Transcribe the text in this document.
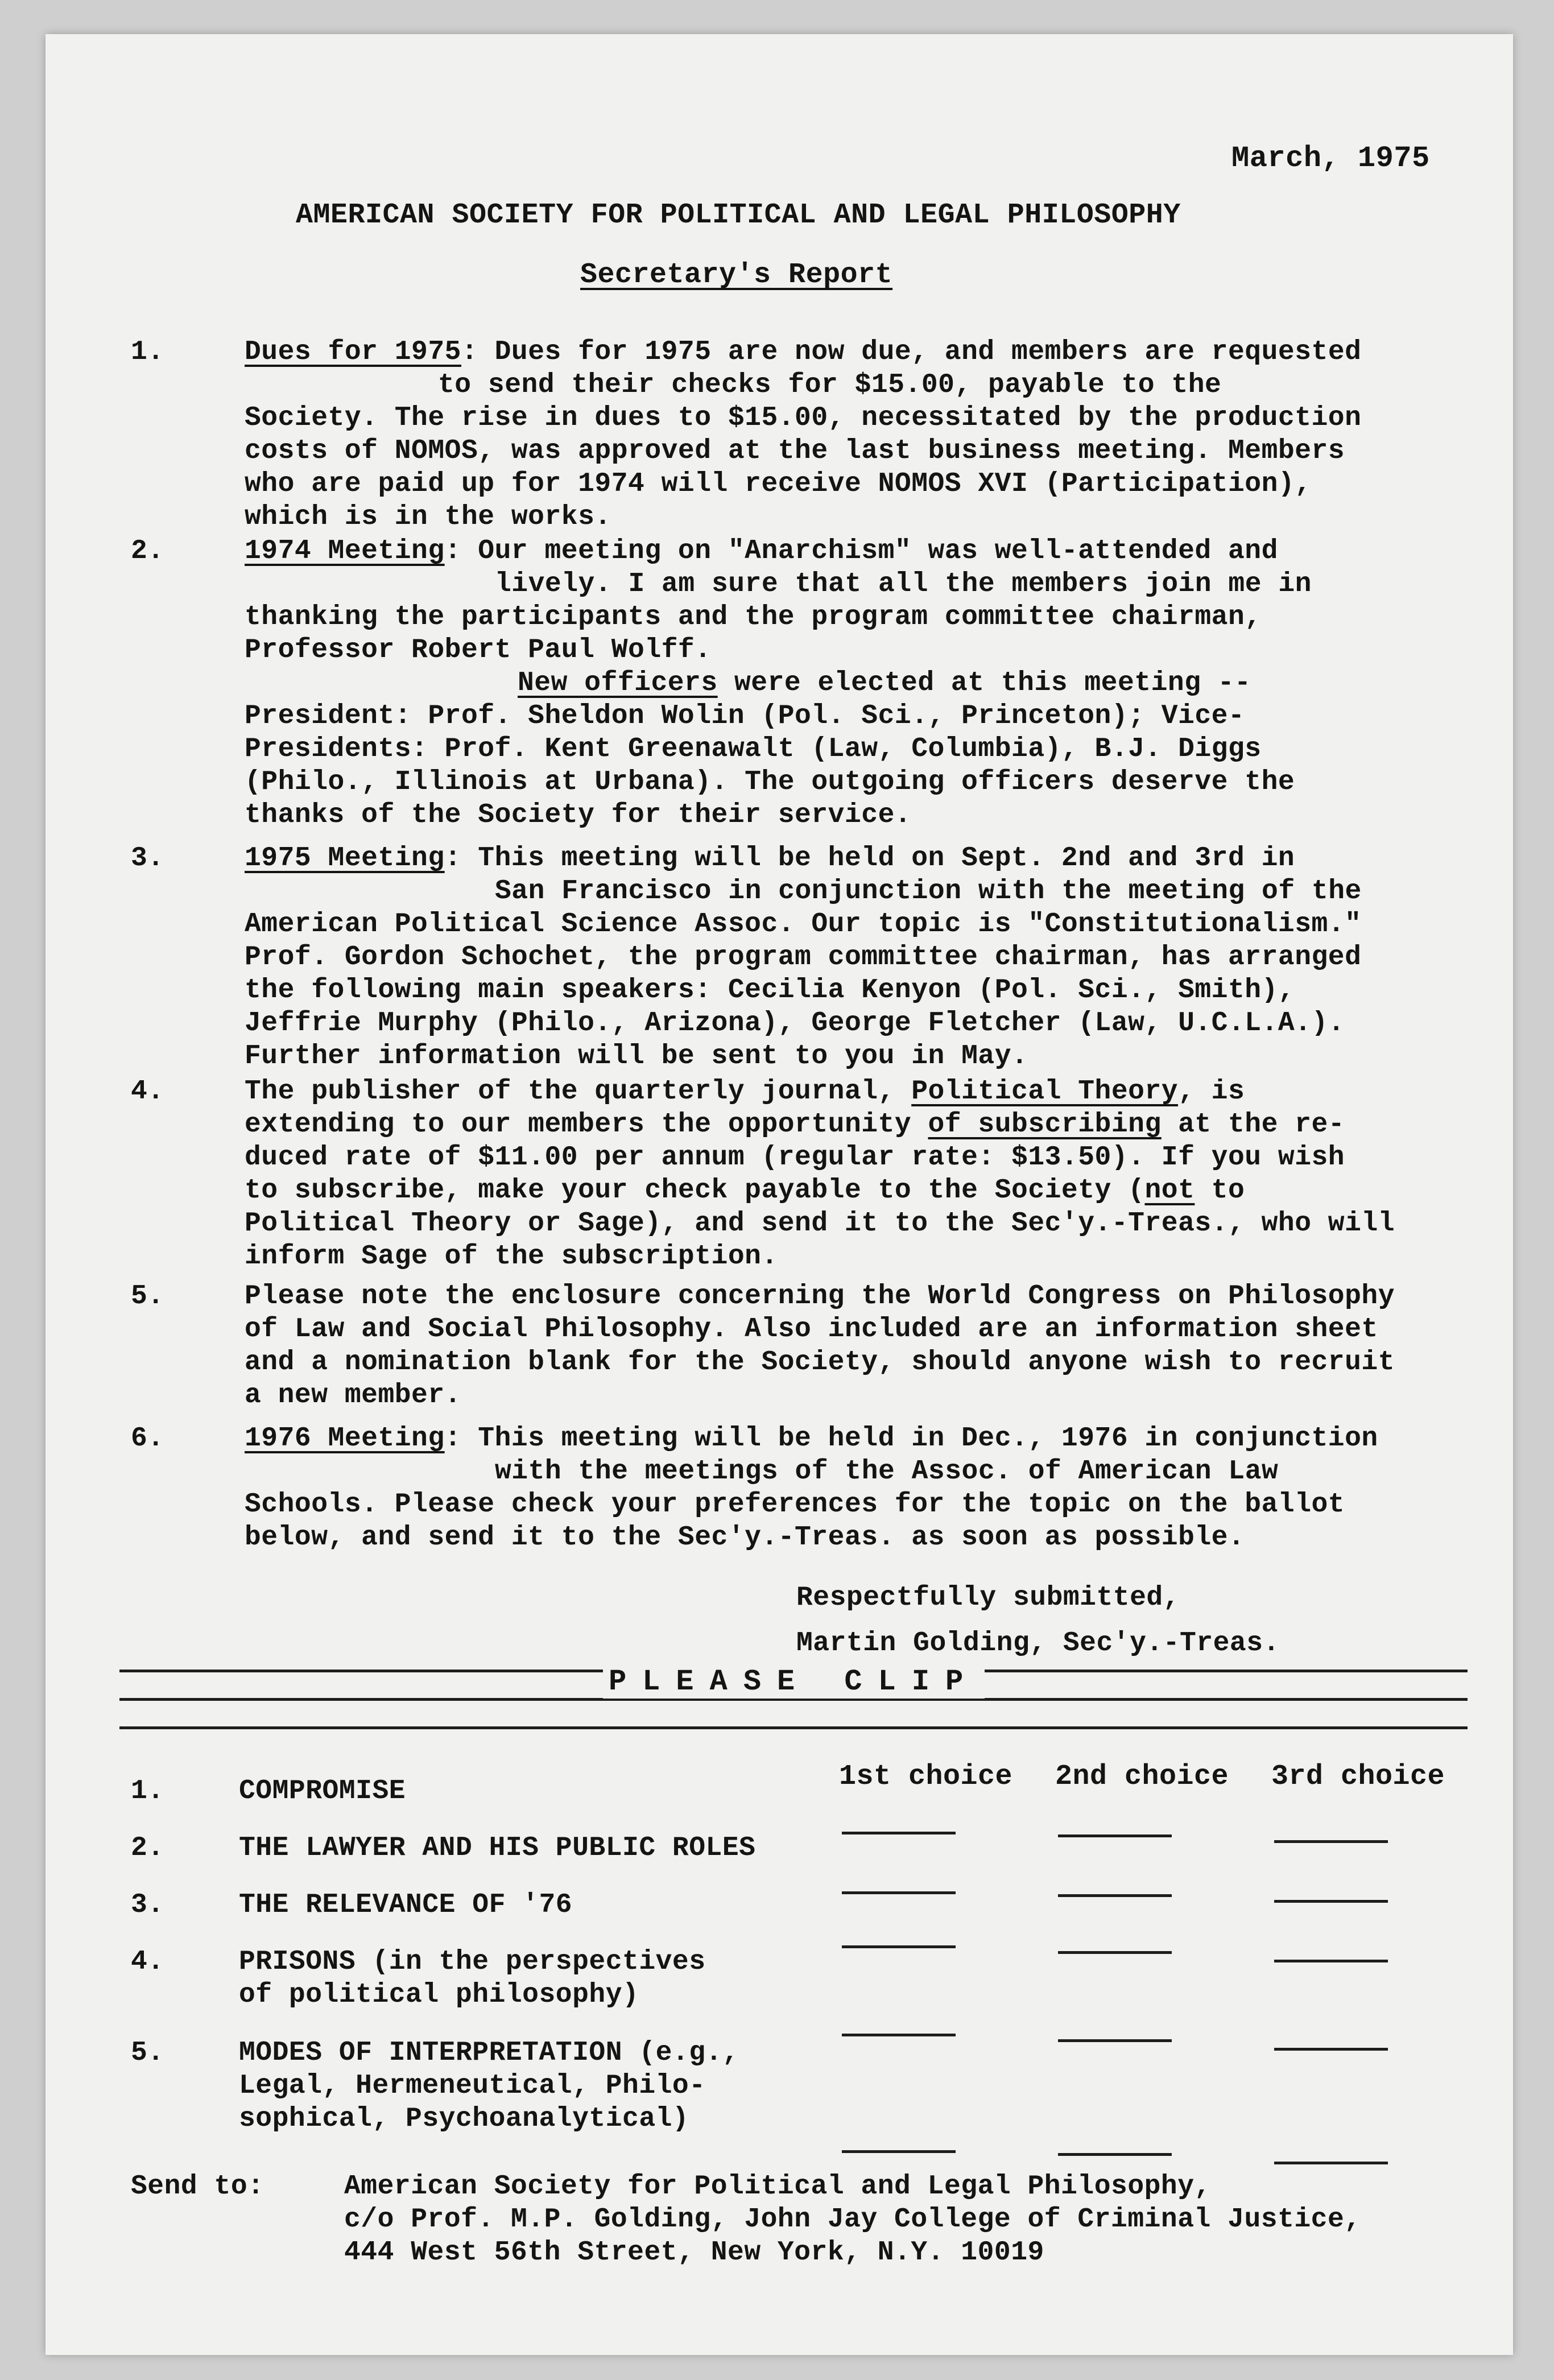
March, 1975
AMERICAN SOCIETY FOR POLITICAL AND LEGAL PHILOSOPHY
Secretary's Report
1.	Dues for 1975: Dues for 1975 are now due, and members are requested

to send their checks for $15.00, payable to the

Society. The rise in dues to $15.00, necessitated by the production

costs of NOMOS, was approved at the last business meeting. Members

who are paid up for 1974 will receive NOMOS XVI (Participation),

which is in the works.

2.	1974 Meeting: Our meeting on "Anarchism" was well-attended and

lively. I am sure that all the members join me in

thanking the participants and the program committee chairman,

Professor Robert Paul Wolff.

New officers were elected at this meeting --

President: Prof. Sheldon Wolin (Pol. Sci., Princeton); Vice-

Presidents: Prof. Kent Greenawalt (Law, Columbia), B.J. Diggs

(Philo., Illinois at Urbana). The outgoing officers deserve the

thanks of the Society for their service.

3.	1975 Meeting: This meeting will be held on Sept. 2nd and 3rd in

San Francisco in conjunction with the meeting of the

American Political Science Assoc. Our topic is "Constitutionalism."

Prof. Gordon Schochet, the program committee chairman, has arranged

the following main speakers: Cecilia Kenyon (Pol. Sci., Smith),

Jeffrie Murphy (Philo., Arizona), George Fletcher (Law, U.C.L.A.).

Further information will be sent to you in May.

4.	The publisher of the quarterly journal, Political Theory, is

extending to our members the opportunity of subscribing at the re-

duced rate of $11.00 per annum (regular rate: $13.50). If you wish

to subscribe, make your check payable to the Society (not to

Political Theory or Sage), and send it to the Sec'y.-Treas., who will

inform Sage of the subscription.

5.	Please note the enclosure concerning the World Congress on Philosophy

of Law and Social Philosophy. Also included are an information sheet

and a nomination blank for the Society, should anyone wish to recruit

a new member.

6.	1976 Meeting: This meeting will be held in Dec., 1976 in conjunction

with the meetings of the Assoc. of American Law

Schools. Please check your preferences for the topic on the ballot

below, and send it to the Sec'y.-Treas. as soon as possible.

Respectfully submitted,
Martin Golding, Sec'y.-Treas.
PLEASE CLIP
1st choice 2nd choice 3rd choice
1.	COMPROMISE
2.	THE LAWYER AND HIS PUBLIC ROLES
3.	THE RELEVANCE OF '76
4.	PRISONS (in the perspectives
of political philosophy)
5.	MODES OF INTERPRETATION (e.g.,
Legal, Hermeneutical, Philo-
sophical, Psychoanalytical)
Send to:	American Society for Political and Legal Philosophy,
c/o Prof. M.P. Golding, John Jay College of Criminal Justice,
444 West 56th Street, New York, N.Y. 10019
